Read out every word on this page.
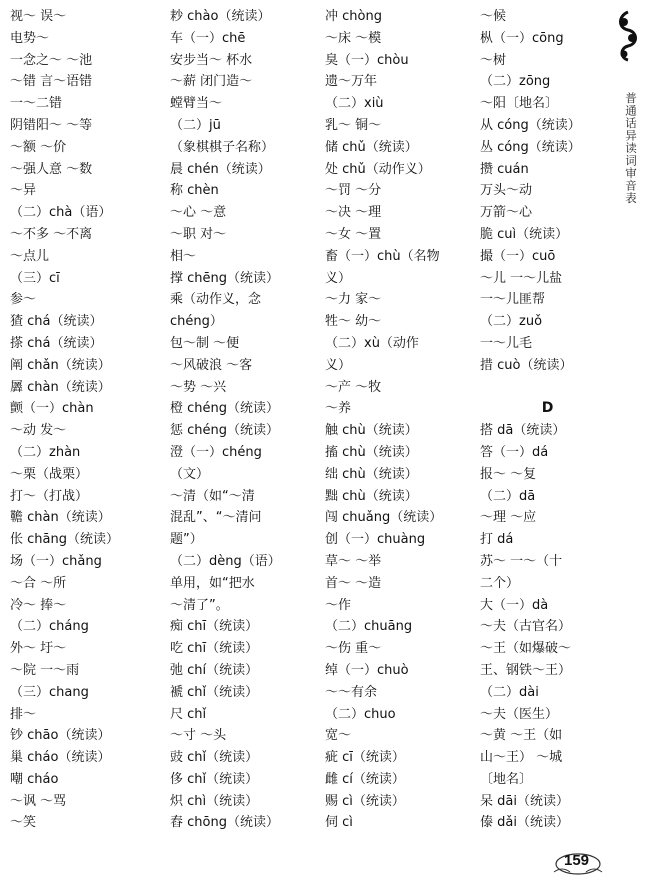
普通话异读词审音表
视～ 误～
电势～
一念之～ ～池
～错 言～语错
一～二错
阴错阳～ ～等
～额 ～价
～强人意 ～数
～异
（二）chà（语）
～不多 ～不离
～点儿
（三）cī
参～
猹 chá（统读）
搽 chá（统读）
阐 chǎn（统读）
羼 chàn（统读）
颤（一）chàn
～动 发～
（二）zhàn
～栗（战栗）
打～（打战）
韂 chàn（统读）
伥 chāng（统读）
场（一）chǎng
～合 ～所
冷～ 捧～
（二）cháng
外～ 圩～
～院 一～雨
（三）chang
排～
钞 chāo（统读）
巢 cháo（统读）
嘲 cháo
～讽 ～骂
～笑
耖 chào（统读）
车（一）chē
安步当～ 杯水
～薪 闭门造～
螳臂当～
（二）jū
（象棋棋子名称）
晨 chén（统读）
称 chèn
～心 ～意
～职 对～
相～
撑 chēng（统读）
乘（动作义，念
chéng）
包～制 ～便
～风破浪 ～客
～势 ～兴
橙 chéng（统读）
惩 chéng（统读）
澄（一）chéng
（文）
～清（如“～清
混乱”、“～清问
题”）
（二）dèng（语）
单用，如“把水
～清了”。
痴 chī（统读）
吃 chī（统读）
弛 chí（统读）
褫 chǐ（统读）
尺 chǐ
～寸 ～头
豉 chǐ（统读）
侈 chǐ（统读）
炽 chì（统读）
舂 chōng（统读）
冲 chòng
～床 ～模
臭（一）chòu
遗～万年
（二）xiù
乳～ 铜～
储 chǔ（统读）
处 chǔ（动作义）
～罚 ～分
～决 ～理
～女 ～置
畜（一）chù（名物
义）
～力 家～
牲～ 幼～
（二）xù（动作
义）
～产 ～牧
～养
触 chù（统读）
搐 chù（统读）
绌 chù（统读）
黜 chù（统读）
闯 chuǎng（统读）
创（一）chuàng
草～ ～举
首～ ～造
～作
（二）chuāng
～伤 重～
绰（一）chuò
～～有余
（二）chuo
宽～
疵 cī（统读）
雌 cí（统读）
赐 cì（统读）
伺 cì
～候
枞（一）cōng
～树
（二）zōng
～阳〔地名〕
从 cóng（统读）
丛 cóng（统读）
攒 cuán
万头～动
万箭～心
脆 cuì（统读）
撮（一）cuō
～儿 一～儿盐
一～儿匪帮
（二）zuǒ
一～儿毛
措 cuò（统读）
D
搭 dā（统读）
答（一）dá
报～ ～复
（二）dā
～理 ～应
打 dá
苏～ 一～（十
二个）
大（一）dà
～夫（古官名）
～王（如爆破～
王、钢铁～王）
（二）dài
～夫（医生）
～黄 ～王（如
山～王） ～城
〔地名〕
呆 dāi（统读）
傣 dǎi（统读）
159
